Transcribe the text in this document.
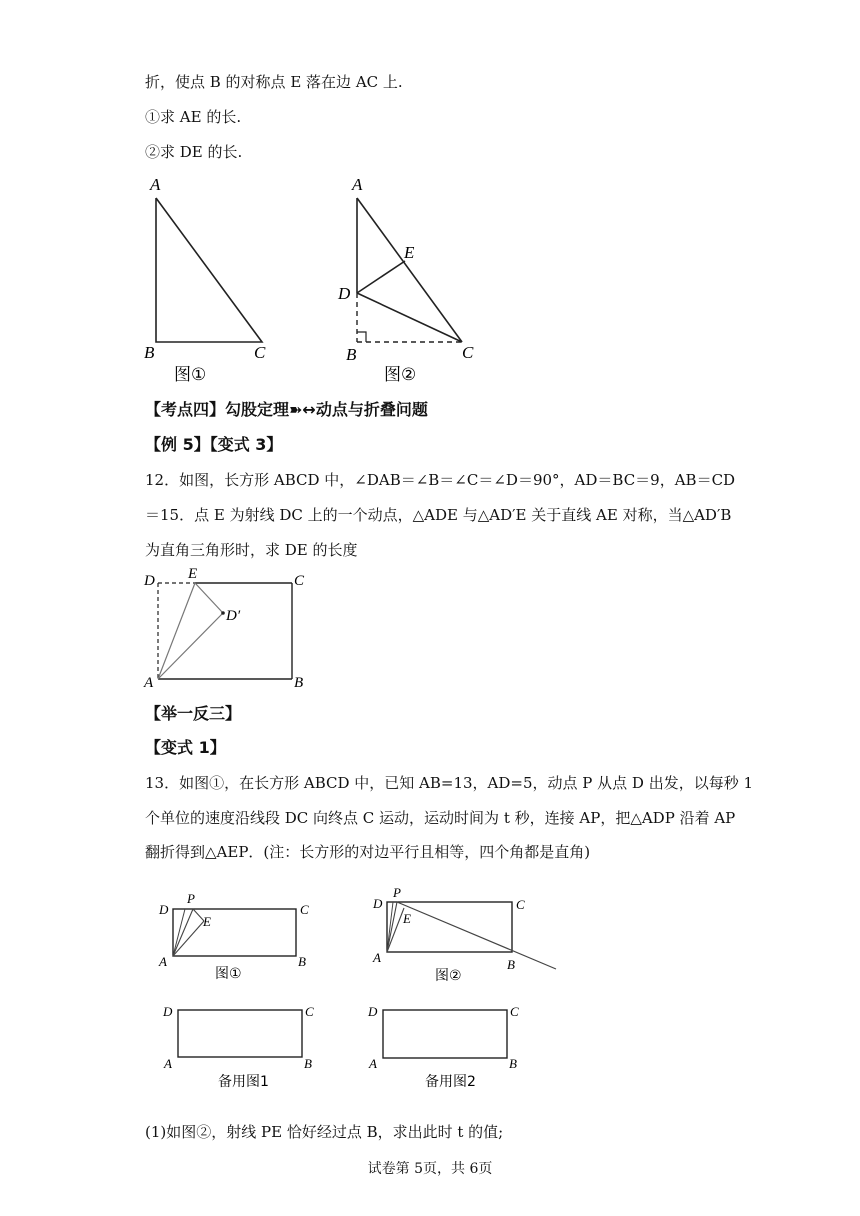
折，使点 B 的对称点 E 落在边 AC 上.
①求 AE 的长.
②求 DE 的长.
A
B	C
图①
A
D
E
B	C
图②
【考点四】勾股定理➽↔动点与折叠问题
【例 5】【变式 3】
12．如图，长方形 ABCD 中，∠DAB＝∠B＝∠C＝∠D＝90°，AD＝BC＝9，AB＝CD
＝15．点 E 为射线 DC 上的一个动点，△ADE 与△AD′E 关于直线 AE 对称，当△AD′B
为直角三角形时，求 DE 的长度
D E	C
D′
A	B
【举一反三】
【变式 1】
13．如图①，在长方形 ABCD 中，已知 AB=13，AD=5，动点 P 从点 D 出发，以每秒 1
个单位的速度沿线段 DC 向终点 C 运动，运动时间为 t 秒，连接 AP，把△ADP 沿着 AP
翻折得到△AEP．(注：长方形的对边平行且相等，四个角都是直角)
D
P
E
C
A	B
图①
D
P
E
C
A	B
图②
D	C
A	B
备用图1
D	C
A	B
备用图2
(1)如图②，射线 PE 恰好经过点 B，求出此时 t 的值;
试卷第 5页，共 6页
